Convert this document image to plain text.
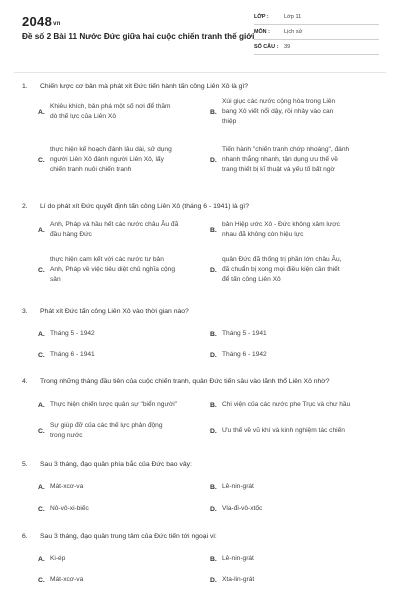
2048vn
Đề số 2 Bài 11 Nước Đức giữa hai cuộc chiến tranh thế giới
LỚP :	Lớp 11
MÔN :	Lịch sử
SỐ CÂU :	39
1. Chiến lược cơ bản mà phát xít Đức tiến hành tấn công Liên Xô là gì?
A.
Khiêu khích, bản phá một số nơi để thăm
dò thế lực của Liên Xô
B.
Xúi giục các nước cộng hòa trong Liên
bang Xô viết nổi dậy, rồi nhảy vào can
thiệp
C.
thực hiện kế hoạch đánh lâu dài, sử dụng
người Liên Xô đánh người Liên Xô, lấy
chiến tranh nuôi chiến tranh
D.
Tiến hành "chiến tranh chớp nhoáng", đánh
nhanh thắng nhanh, tận dụng ưu thế về
trang thiết bị kĩ thuật và yếu tố bất ngờ
2. Lí do phát xít Đức quyết định tấn công Liên Xô (tháng 6 - 1941) là gì?
A.
Anh, Pháp và hầu hết các nước châu Âu đã
đầu hàng Đức
B.
bản Hiệp ước Xô - Đức không xâm lược
nhau đã không còn hiệu lực
C.
thực hiện cam kết với các nước tư bản
Anh, Pháp về việc tiêu diệt chủ nghĩa cộng
sản
D.
quân Đức đã thống trị phần lớn châu Âu,
đã chuẩn bị xong mọi điều kiện cần thiết
để tấn công Liên Xô
3. Phát xít Đức tấn công Liên Xô vào thời gian nào?
A. Tháng 5 - 1942	B. Tháng 5 - 1941
C. Tháng 6 - 1941	D. Tháng 6 - 1942
4. Trong những tháng đầu tiên của cuộc chiến tranh, quân Đức tiến sâu vào lãnh thổ Liên Xô nhờ?
A. Thực hiện chiến lược quân sự "biển người"	B. Chi viện của các nước phe Trục và chư hầu
C.
Sự giúp đỡ của các thế lực phản động
trong nước
D. Ưu thế về vũ khí và kinh nghiệm tác chiến
5. Sau 3 tháng, đạo quân phía bắc của Đức bao vây:
A. Mát-xcơ-va	B. Lê-nin-grát
C. Nô-vô-xi-biếc	D. Vla-đi-vô-xtốc
6. Sau 3 tháng, đạo quân trung tâm của Đức tiến tới ngoại vi:
A. Ki-ép	B. Lê-nin-grát
C. Mát-xcơ-va	D. Xta-lin-grát
